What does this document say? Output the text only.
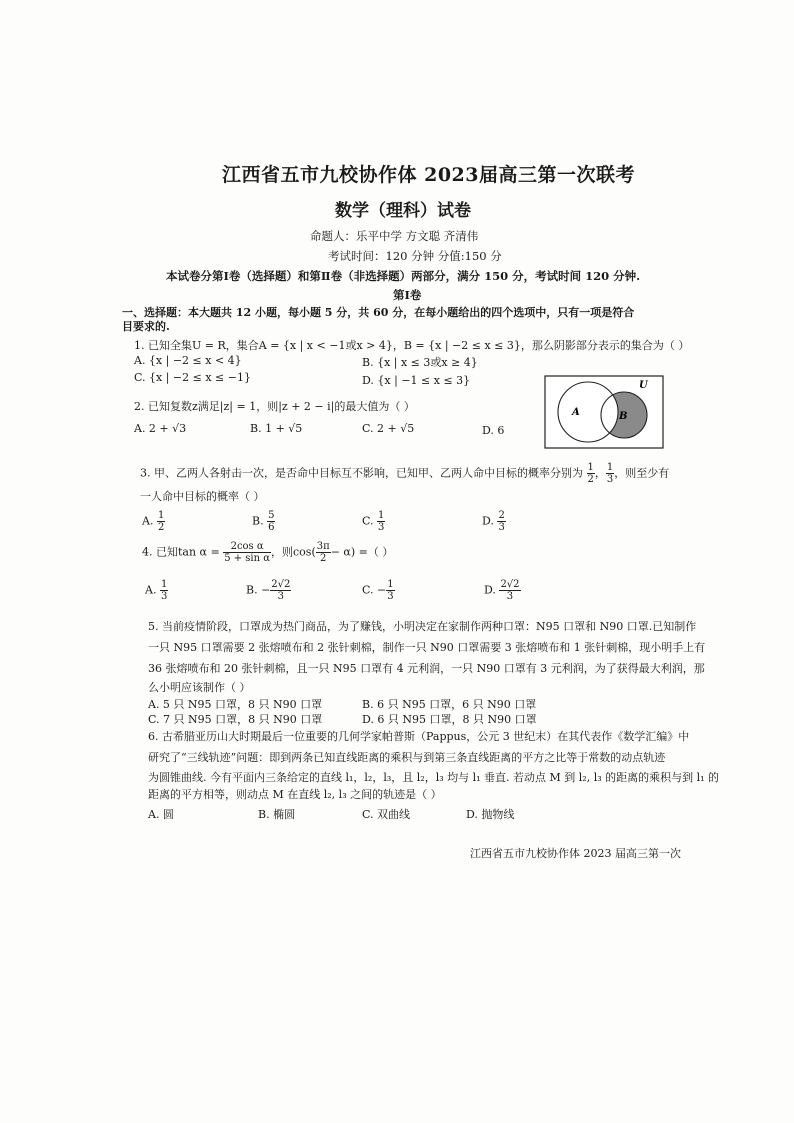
江西省五市九校协作体 2023届高三第一次联考
数学（理科）试卷
命题人：乐平中学 方文聪 齐清伟
考试时间：120 分钟 分值:150 分
本试卷分第Ⅰ卷（选择题）和第Ⅱ卷（非选择题）两部分，满分 150 分，考试时间 120 分钟.
第Ⅰ卷
一、选择题：本大题共 12 小题，每小题 5 分，共 60 分，在每小题给出的四个选项中，只有一项是符合
目要求的.
1. 已知全集U = R，集合A = {x | x < −1或x > 4}，B = {x | −2 ≤ x ≤ 3}，那么阴影部分表示的集合为（ ）
A. {x | −2 ≤ x < 4}	B. {x | x ≤ 3或x ≥ 4}
C. {x | −2 ≤ x ≤ −1}	D. {x | −1 ≤ x ≤ 3}	U
A	B
2. 已知复数z满足|z| = 1，则|z + 2 − i|的最大值为（ ）
A. 2 + √3	B. 1 + √5	C. 2 + √5	D. 6
3. 甲、乙两人各射击一次，是否命中目标互不影响，已知甲、乙两人命中目标的概率分别为 $\frac{1}{2}$ ， $\frac{1}{3}$ ，则至少有
一人命中目标的概率（ ）
A. $\frac{1}{2}$	B. $\frac{5}{6}$	C. $\frac{1}{3}$	D. $\frac{2}{3}$
4. 已知$\tan \alpha = \frac{\text{2cos α}}{\text{5 + sin α}}$ ，则$\cos( \frac{3\pi}{2} - \alpha)$ =（ ）
A. $\frac{1}{3}$	B. − $\frac{2√2}{3}$	C. − $\frac{1}{3}$	D. $\frac{2√2}{3}$
5. 当前疫情阶段，口罩成为热门商品，为了赚钱，小明决定在家制作两种口罩：N95 口罩和 N90 口罩.已知制作
一只 N95 口罩需要 2 张熔喷布和 2 张针刺棉，制作一只 N90 口罩需要 3 张熔喷布和 1 张针刺棉，现小明手上有
36 张熔喷布和 20 张针刺棉，且一只 N95 口罩有 4 元利润，一只 N90 口罩有 3 元利润，为了获得最大利润，那
么小明应该制作（ ）
A. 5 只 N95 口罩，8 只 N90 口罩	B. 6 只 N95 口罩，6 只 N90 口罩
C. 7 只 N95 口罩，8 只 N90 口罩	D. 6 只 N95 口罩，8 只 N90 口罩
6. 古希腊亚历山大时期最后一位重要的几何学家帕普斯（Pappus，公元 3 世纪末）在其代表作《数学汇编》中
研究了“三线轨迹”问题：即到两条已知直线距离的乘积与到第三条直线距离的平方之比等于常数的动点轨迹
为圆锥曲线. 今有平面内三条给定的直线 l₁，l₂，l₃，且 l₂，l₃ 均与 l₁ 垂直. 若动点 M 到 l₂, l₃ 的距离的乘积与到 l₁ 的
距离的平方相等，则动点 M 在直线 l₂, l₃ 之间的轨迹是（ ）
A. 圆	B. 椭圆	C. 双曲线	D. 抛物线
江西省五市九校协作体 2023 届高三第一次
